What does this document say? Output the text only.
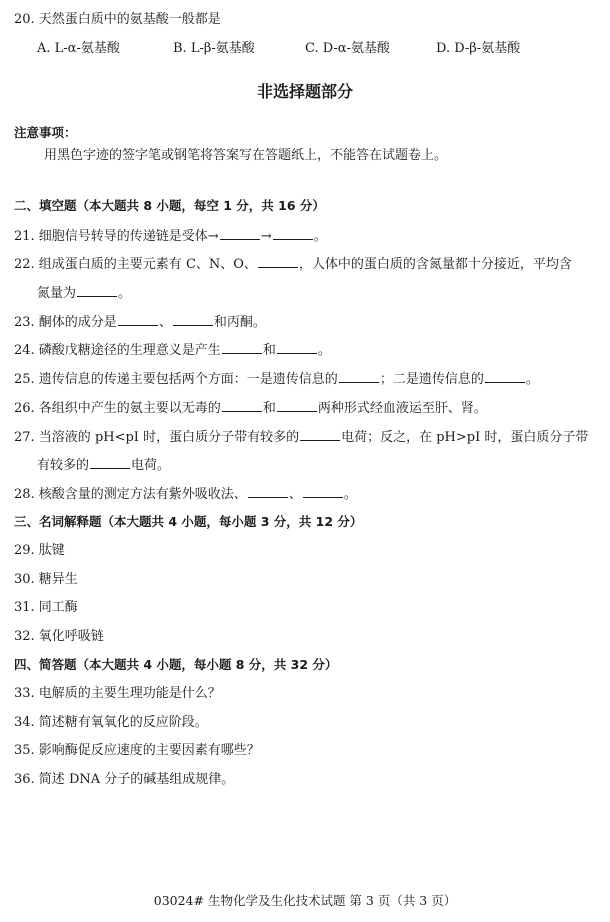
20. 天然蛋白质中的氨基酸一般都是
A. L-α-氨基酸	B. L-β-氨基酸	C. D-α-氨基酸	D. D-β-氨基酸
非选择题部分
注意事项：
用黑色字迹的签字笔或钢笔将答案写在答题纸上，不能答在试题卷上。
二、填空题（本大题共 8 小题，每空 1 分，共 16 分）
21. 细胞信号转导的传递链是受体→	→	。
22. 组成蛋白质的主要元素有 C、N、O、	，人体中的蛋白质的含氮量都十分接近，平均含
氮量为	。
23. 酮体的成分是	、	和丙酮。
24. 磷酸戊糖途径的生理意义是产生	和	。
25. 遗传信息的传递主要包括两个方面：一是遗传信息的	；二是遗传信息的	。
26. 各组织中产生的氨主要以无毒的	和	两种形式经血液运至肝、肾。
27. 当溶液的 pH<pI 时，蛋白质分子带有较多的	电荷；反之，在 pH>pI 时，蛋白质分子带
有较多的	电荷。
28. 核酸含量的测定方法有紫外吸收法、	、	。
三、名词解释题（本大题共 4 小题，每小题 3 分，共 12 分）
29. 肽键
30. 糖异生
31. 同工酶
32. 氧化呼吸链
四、简答题（本大题共 4 小题，每小题 8 分，共 32 分）
33. 电解质的主要生理功能是什么？
34. 简述糖有氧氧化的反应阶段。
35. 影响酶促反应速度的主要因素有哪些？
36. 简述 DNA 分子的碱基组成规律。
03024# 生物化学及生化技术试题 第 3 页（共 3 页）
